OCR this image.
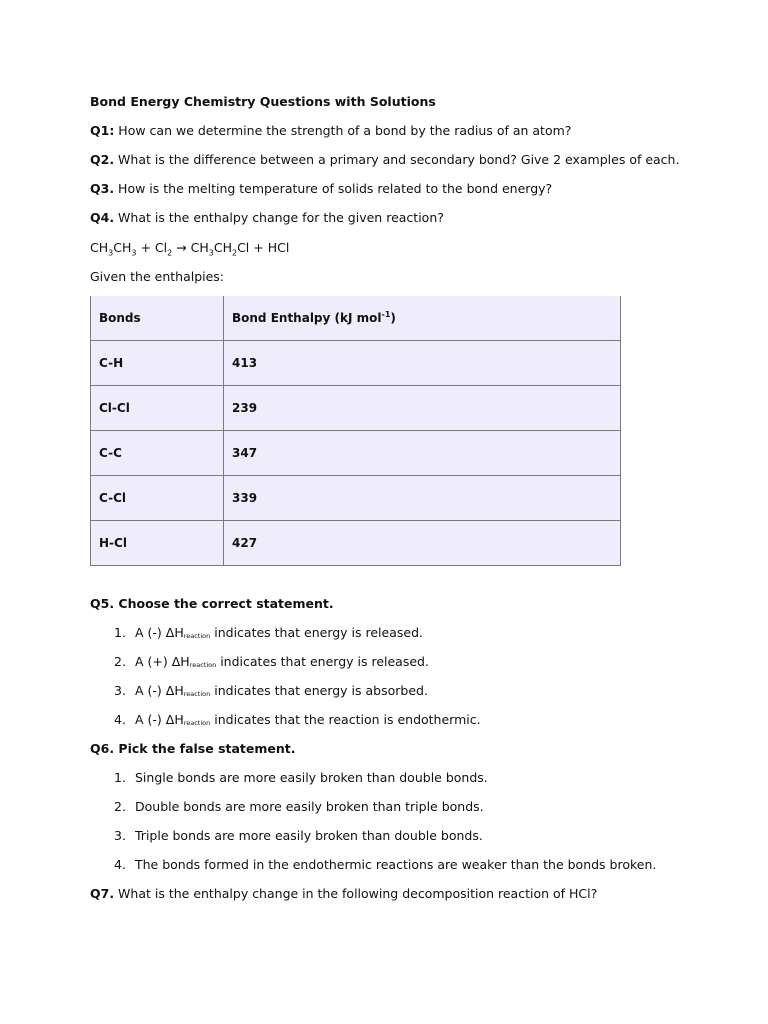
Bond Energy Chemistry Questions with Solutions
Q1: How can we determine the strength of a bond by the radius of an atom?
Q2. What is the difference between a primary and secondary bond? Give 2 examples of each.
Q3. How is the melting temperature of solids related to the bond energy?
Q4. What is the enthalpy change for the given reaction?
$CH_3CH_3 + Cl_2 \to CH_3CH_2Cl$ + HCl
Given the enthalpies:
Bonds	Bond Enthalpy (kJ mol$^{-1}$)
C-H	413
Cl-Cl	239
C-C	347
C-Cl	339
H-Cl	427
Q5. Choose the correct statement.
1. A (-) ΔHreaction indicates that energy is released.
2. A (+) ΔHreaction indicates that energy is released.
3. A (-) ΔHreaction indicates that energy is absorbed.
4. A (-) ΔHreaction indicates that the reaction is endothermic.
Q6. Pick the false statement.
1. Single bonds are more easily broken than double bonds.
2. Double bonds are more easily broken than triple bonds.
3. Triple bonds are more easily broken than double bonds.
4. The bonds formed in the endothermic reactions are weaker than the bonds broken.
Q7. What is the enthalpy change in the following decomposition reaction of HCl?
